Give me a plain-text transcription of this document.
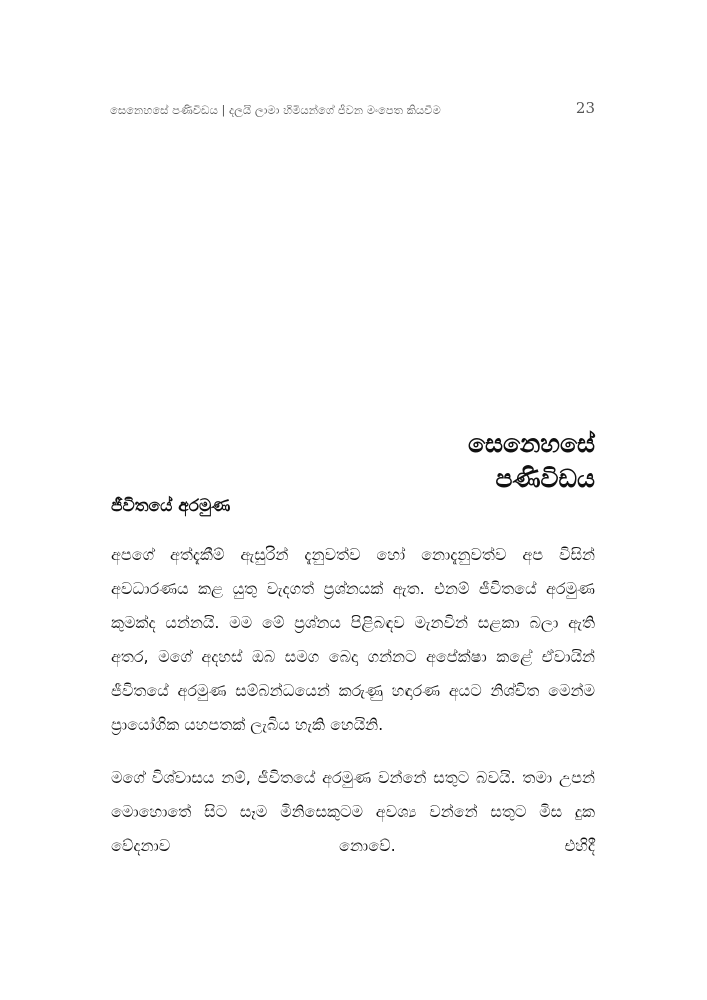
සෙනෙහසේ පණිවිඩය | දලයි ලාමා හිමියන්ගේ ජීවන මංපෙත කියවීම	23
සෙනෙහසේ
පණිවිඩය
ජීවිතයේ අරමුණ

අපගේ අත්දැකීම් ඇසුරින් දැනුවත්ව හෝ නොදැනුවත්ව අප විසින් අවධාරණය කළ යුතු වැදගත් ප්‍රශ්නයක් ඇත. එනම් ජීවිතයේ අරමුණ කුමක්ද යන්නයි. මම මේ ප්‍රශ්නය පිළිබඳව මැනවින් සළකා බලා ඇති අතර, මගේ අදහස් ඔබ සමග බෙදා ගන්නට අපේක්ෂා කළේ ඒවායින් ජීවිතයේ අරමුණ සම්බන්ධයෙන් කරුණු හඳාරණ අයට නිශ්චිත මෙන්ම ප්‍රායෝගික යහපතක් ලැබිය හැකි හෙයිනි.

මගේ විශ්වාසය නම්, ජීවිතයේ අරමුණ වන්නේ සතුට බවයි. තමා උපන් මොහොතේ සිට සෑම මිනිසෙකුටම අවශ්‍ය වන්නේ සතුට මිස දුක වේදනාව නොවේ. එහිදී
